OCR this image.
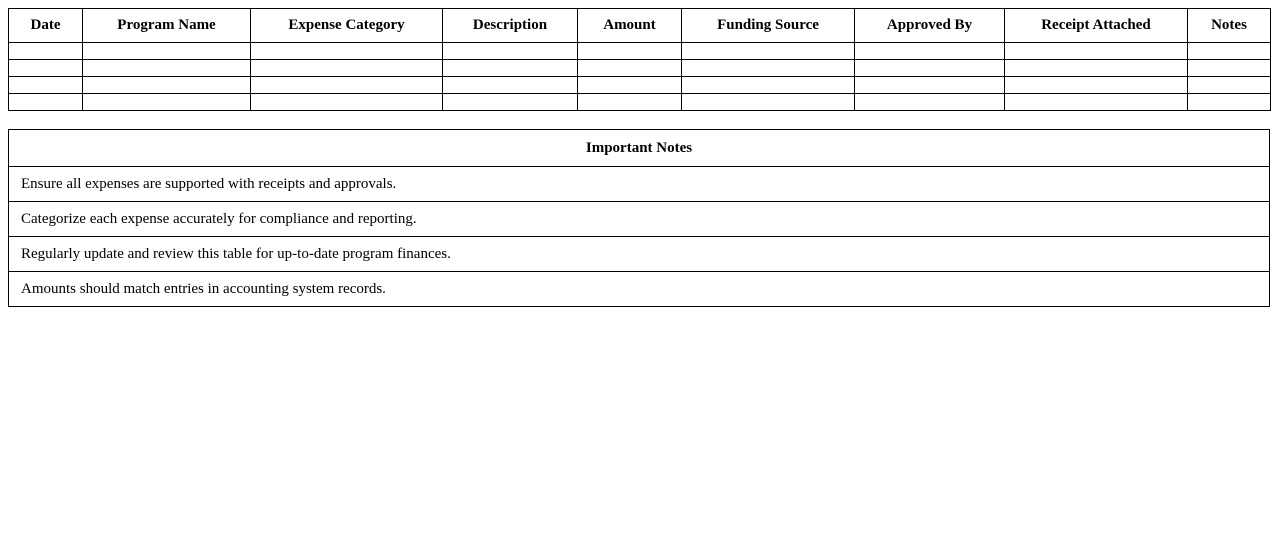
Date	Program Name	Expense Category	Description	Amount	Funding Source	Approved By	Receipt Attached	Notes

Important Notes
Ensure all expenses are supported with receipts and approvals.
Categorize each expense accurately for compliance and reporting.
Regularly update and review this table for up-to-date program finances.
Amounts should match entries in accounting system records.
